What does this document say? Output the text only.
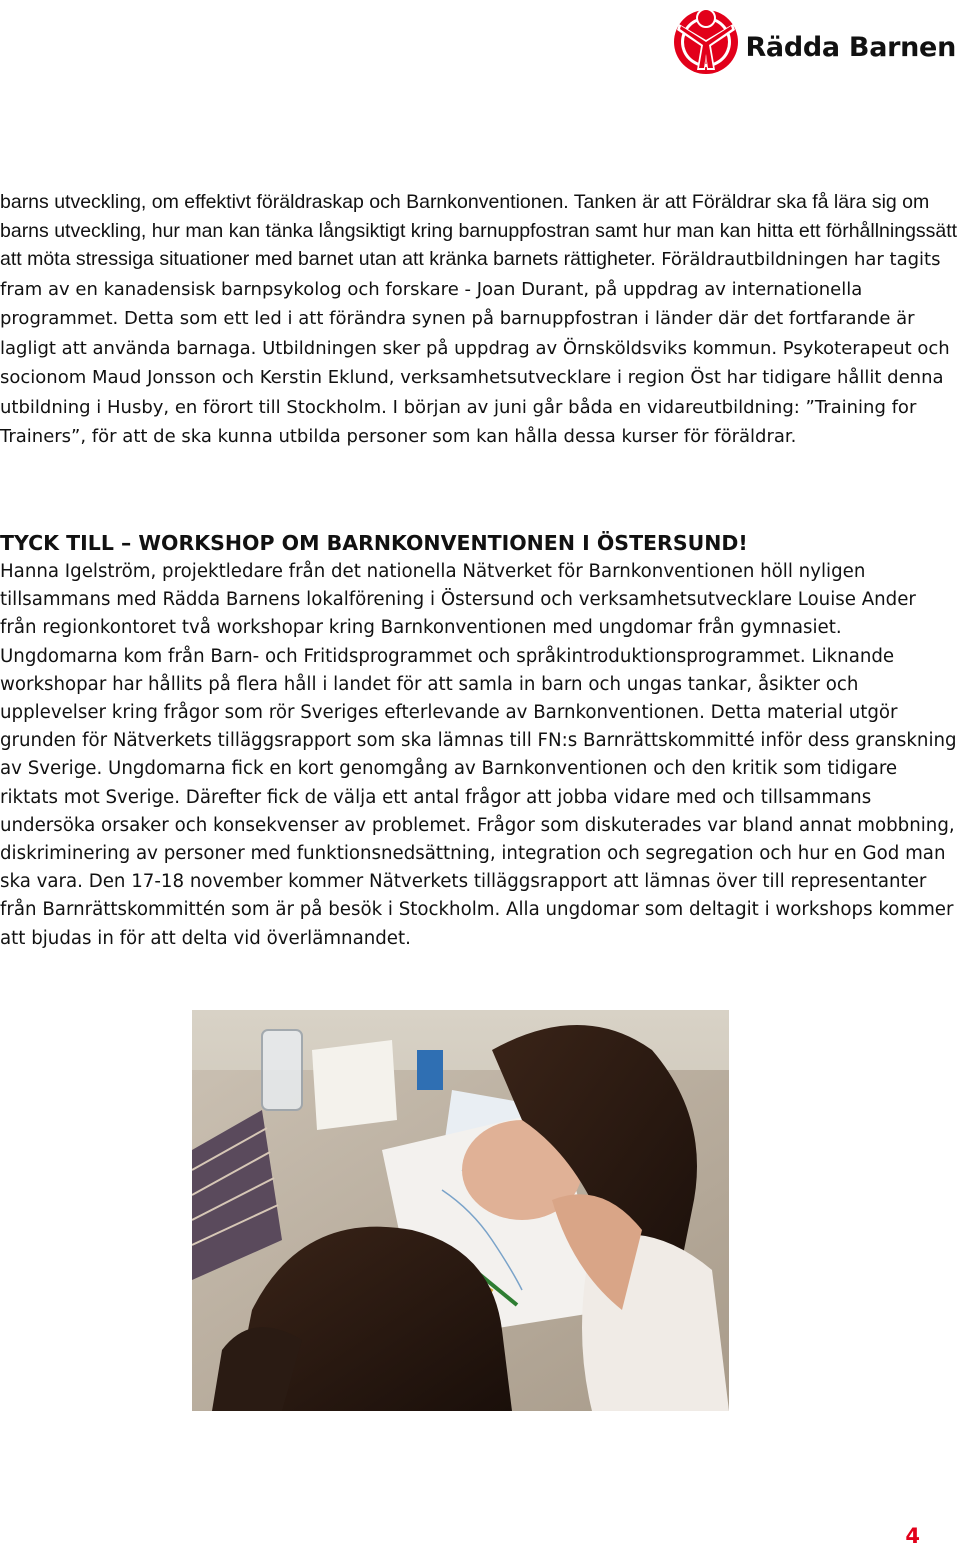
Rädda Barnen

barns utveckling, om effektivt föräldraskap och Barnkonventionen. Tanken är att Föräldrar ska få lära sig om barns utveckling, hur man kan tänka långsiktigt kring barnuppfostran samt hur man kan hitta ett förhållningssätt att möta stressiga situationer med barnet utan att kränka barnets rättigheter. Föräldrautbildningen har tagits fram av en kanadensisk barnpsykolog och forskare - Joan Durant, på uppdrag av internationella programmet. Detta som ett led i att förändra synen på barnuppfostran i länder där det fortfarande är lagligt att använda barnaga. Utbildningen sker på uppdrag av Örnsköldsviks kommun. Psykoterapeut och socionom Maud Jonsson och Kerstin Eklund, verksamhetsutvecklare i region Öst har tidigare hållit denna utbildning i Husby, en förort till Stockholm. I början av juni går båda en vidareutbildning: ”Training for Trainers”, för att de ska kunna utbilda personer som kan hålla dessa kurser för föräldrar.

TYCK TILL – WORKSHOP OM BARNKONVENTIONEN I ÖSTERSUND!

Hanna Igelström, projektledare från det nationella Nätverket för Barnkonventionen höll nyligen tillsammans med Rädda Barnens lokalförening i Östersund och verksamhetsutvecklare Louise Ander från regionkontoret två workshopar kring Barnkonventionen med ungdomar från gymnasiet. Ungdomarna kom från Barn- och Fritidsprogrammet och språkintroduktionsprogrammet. Liknande workshopar har hållits på flera håll i landet för att samla in barn och ungas tankar, åsikter och upplevelser kring frågor som rör Sveriges efterlevande av Barnkonventionen. Detta material utgör grunden för Nätverkets tilläggsrapport som ska lämnas till FN:s Barnrättskommitté inför dess granskning av Sverige. Ungdomarna fick en kort genomgång av Barnkonventionen och den kritik som tidigare riktats mot Sverige. Därefter fick de välja ett antal frågor att jobba vidare med och tillsammans undersöka orsaker och konsekvenser av problemet. Frågor som diskuterades var bland annat mobbning, diskriminering av personer med funktionsnedsättning, integration och segregation och hur en God man ska vara. Den 17-18 november kommer Nätverkets tilläggsrapport att lämnas över till representanter från Barnrättskommittén som är på besök i Stockholm. Alla ungdomar som deltagit i workshops kommer att bjudas in för att delta vid överlämnandet.

4
